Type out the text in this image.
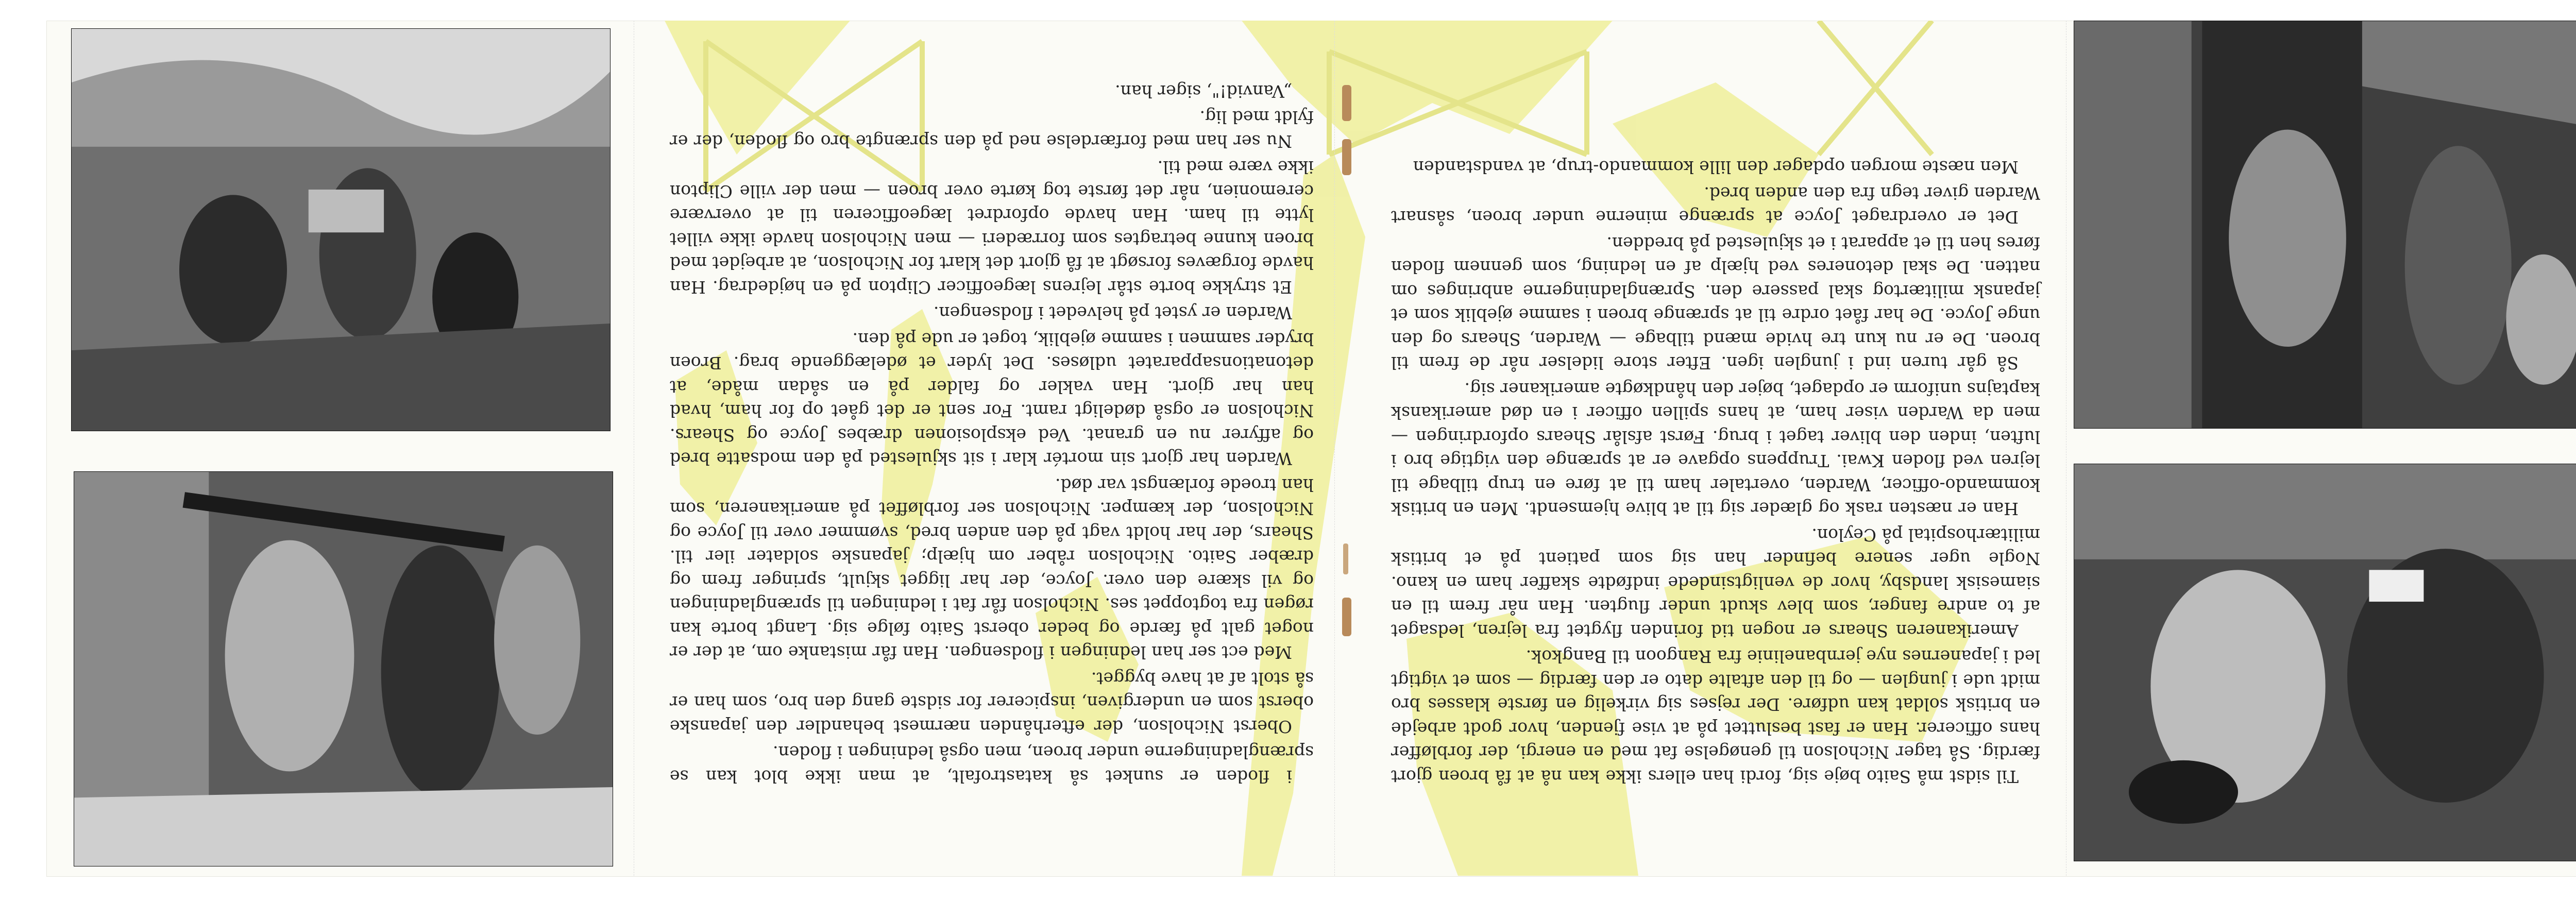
i floden er sunket så katastrofalt, at man ikke blot kan se sprængladningerne under broen, men også ledningen i floden.

Oberst Nicholson, der efterhånden nærmest behandler den japanske oberst som en undergiven, inspicerer for sidste gang den bro, som han er så stolt af at have bygget.

Med ect ser han ledningen i flodsengen. Han får mistanke om, at der er noget galt på færde og beder oberst Saito følge sig. Langt borte kan røgen fra togtoppet ses. Nicholson får fat i ledningen til sprængladningen og vil skære den over. Joyce, der har ligget skjult, springer frem og dræber Saito. Nicholson råber om hjælp; japanske soldater iler til. Shears, der har holdt vagt på den anden bred, svømmer over til Joyce og Nicholson, der kæmper. Nicholson ser forbløffet på amerikaneren, som han troede forlængst var død.

Warden har gjort sin mortér klar i sit skjulested på den modsatte bred og affyrer nu en granat. Ved eksplosionen dræbes Joyce og Shears. Nicholson er også dødeligt ramt. For sent er det gået op for ham, hvad han har gjort. Han vakler og falder på en sådan måde, at detonationsapparatet udløses. Det lyder et ødelæggende brag. Broen bryder sammen i samme øjeblik, toget er ude på den.

Warden er ystet på helvedet i flodsengen.

Et strykke borte står lejrens lægeofficer Clipton på en højdedrag. Han havde forgæves forsøgt at få gjort det klart for Nicholson, at arbejdet med broen kunne betragtes som forræderi — men Nicholson havde ikke villet lytte til ham. Han havde opfordret lægeofficeren til at overvære ceremonien, når det første tog kørte over broen — men der ville Clipton ikke være med til.

Nu ser han med forfærdelse ned på den sprængte bro og floden, der er fyldt med lig.

„Vanvid!", siger han.

Til sidst må Saito bøje sig, fordi han ellers ikke kan nå at få broen gjort færdig. Så tager Nicholson til genøgelse fat med en energi, der forbløffer hans officerer. Han er fast besluttet på at vise fjenden, hvor godt arbejde en britisk soldat kan udføre. Der rejses sig virkelig en første klasses bro midt ude i junglen — og til den aftalte dato er den færdig — som et vigtigt led i japanernes nye jernbanelinie fra Rangoon til Bangkok.

Amerikaneren Shears er nogen tid forinden flygtet fra lejren, ledsaget af to andre fanger, som blev skudt under flugten. Han når frem til en siamesisk landsby, hvor de venligtsindede indfødte skaffer ham en kano. Nogle uger senere befinder han sig som patient på et britisk militærhospital på Ceylon.

Han er næsten rask og glæder sig til at blive hjemsendt. Men en britisk kommando-officer, Warden, overtaler ham til at føre en trup tilbage til lejren ved floden Kwai. Truppens opgave er at sprænge den vigtige bro i luften, inden den bliver taget i brug. Først afslår Shears opfordringen — men da Warden viser ham, at hans spillen officer i en død amerikansk kaptajns uniform er opdaget, bøjer den håndkøgte amerikaner sig.

Så går turen ind i junglen igen. Efter store lidelser når de frem til broen. De er nu kun tre hvide mænd tilbage — Warden, Shears og den unge Joyce. De har fået ordre til at sprænge broen i samme øjeblik som et japansk militærtog skal passere den. Sprængladningerne anbringes om natten. De skal detoneres ved hjælp af en ledning, som gennem floden føres hen til et apparat i et skjulested på bredden.

Det er overdraget Joyce at sprænge minerne under broen, såsnart Warden giver tegn fra den anden bred.

Men næste morgen opdager den lille kommando-trup, at vandstanden
